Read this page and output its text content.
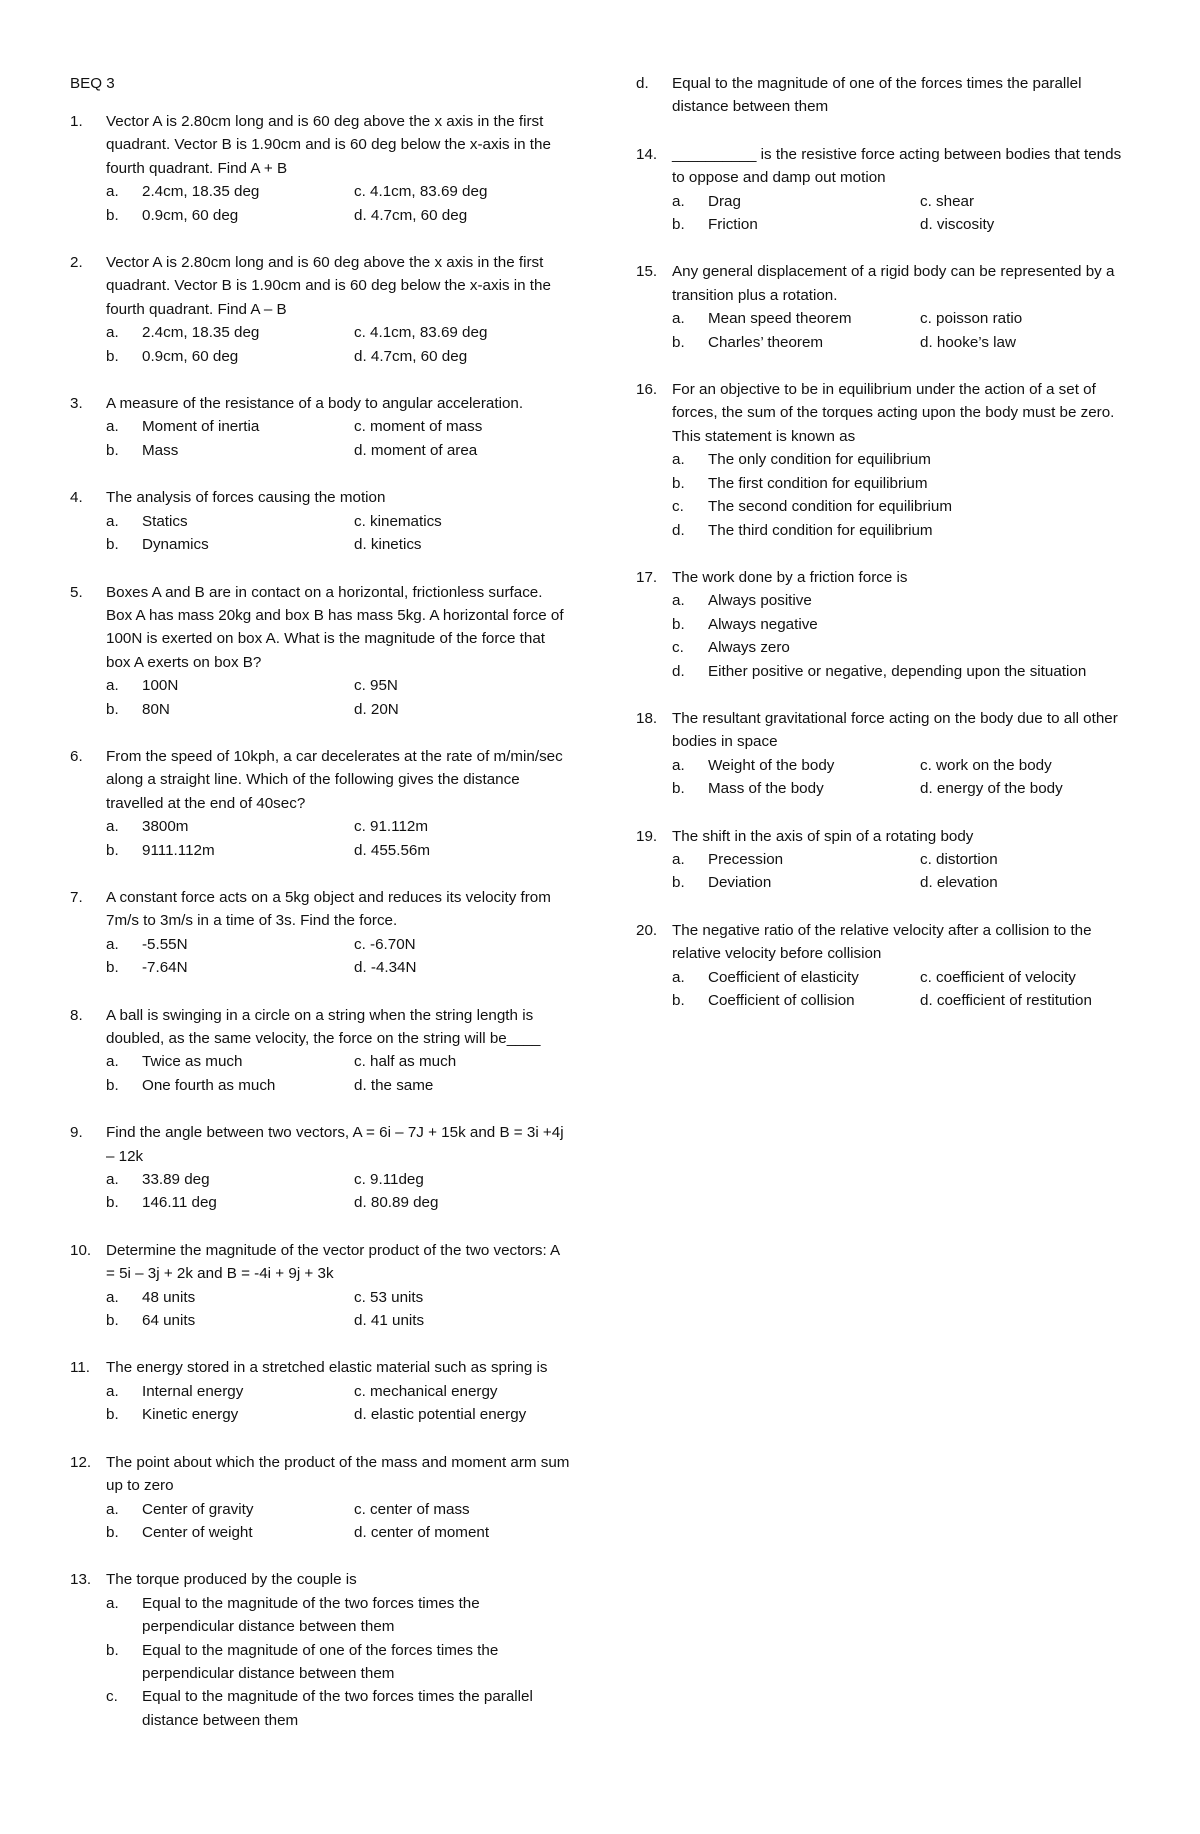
BEQ 3
1.	Vector A is 2.80cm long and is 60 deg above the x axis in the first quadrant. Vector B is 1.90cm and is 60 deg below the x-axis in the fourth quadrant. Find A + B
a.	2.4cm, 18.35 deg	c. 4.1cm, 83.69 deg
b.	0.9cm, 60 deg	d. 4.7cm, 60 deg
2.	Vector A is 2.80cm long and is 60 deg above the x axis in the first quadrant. Vector B is 1.90cm and is 60 deg below the x-axis in the fourth quadrant. Find A – B
a.	2.4cm, 18.35 deg	c. 4.1cm, 83.69 deg
b.	0.9cm, 60 deg	d. 4.7cm, 60 deg
3.	A measure of the resistance of a body to angular acceleration.
a.	Moment of inertia	c. moment of mass
b.	Mass	d. moment of area
4.	The analysis of forces causing the motion
a.	Statics	c. kinematics
b.	Dynamics	d. kinetics
5.	Boxes A and B are in contact on a horizontal, frictionless surface. Box A has mass 20kg and box B has mass 5kg. A horizontal force of 100N is exerted on box A. What is the magnitude of the force that box A exerts on box B?
a.	100N	c. 95N
b.	80N	d. 20N
6.	From the speed of 10kph, a car decelerates at the rate of m/min/sec along a straight line. Which of the following gives the distance travelled at the end of 40sec?
a.	3800m	c. 91.112m
b.	9111.112m	d. 455.56m
7.	A constant force acts on a 5kg object and reduces its velocity from 7m/s to 3m/s in a time of 3s. Find the force.
a.	-5.55N	c. -6.70N
b.	-7.64N	d. -4.34N
8.	A ball is swinging in a circle on a string when the string length is doubled, as the same velocity, the force on the string will be____
a.	Twice as much	c. half as much
b.	One fourth as much	d. the same
9.	Find the angle between two vectors, A = 6i – 7J + 15k and B = 3i +4j – 12k
a.	33.89 deg	c. 9.11deg
b.	146.11 deg	d. 80.89 deg
10. Determine the magnitude of the vector product of the two vectors: A = 5i – 3j + 2k and B = -4i + 9j + 3k
a.	48 units	c. 53 units
b.	64 units	d. 41 units
11.	The energy stored in a stretched elastic material such as spring is
a.	Internal energy	c. mechanical energy
b.	Kinetic energy	d. elastic potential energy
12. The point about which the product of the mass and moment arm sum up to zero
a.	Center of gravity	c. center of mass
b.	Center of weight	d. center of moment
13. The torque produced by the couple is
a.	Equal to the magnitude of the two forces times the perpendicular distance between them
b.	Equal to the magnitude of one of the forces times the perpendicular distance between them
c.	Equal to the magnitude of the two forces times the parallel distance between them
d.	Equal to the magnitude of one of the forces times the parallel distance between them
14. __________ is the resistive force acting between bodies that tends to oppose and damp out motion
a.	Drag	c. shear
b.	Friction	d. viscosity
15. Any general displacement of a rigid body can be represented by a transition plus a rotation.
a.	Mean speed theorem	c. poisson ratio
b.	Charles’ theorem	d. hooke’s law
16. For an objective to be in equilibrium under the action of a set of forces, the sum of the torques acting upon the body must be zero. This statement is known as
a.	The only condition for equilibrium
b.	The first condition for equilibrium
c.	The second condition for equilibrium
d.	The third condition for equilibrium
17. The work done by a friction force is
a.	Always positive
b.	Always negative
c.	Always zero
d.	Either positive or negative, depending upon the situation
18. The resultant gravitational force acting on the body due to all other bodies in space
a.	Weight of the body	c. work on the body
b.	Mass of the body	d. energy of the body
19. The shift in the axis of spin of a rotating body
a.	Precession	c. distortion
b.	Deviation	d. elevation
20. The negative ratio of the relative velocity after a collision to the relative velocity before collision
a.	Coefficient of elasticity	c. coefficient of velocity
b.	Coefficient of collision	d. coefficient of restitution
